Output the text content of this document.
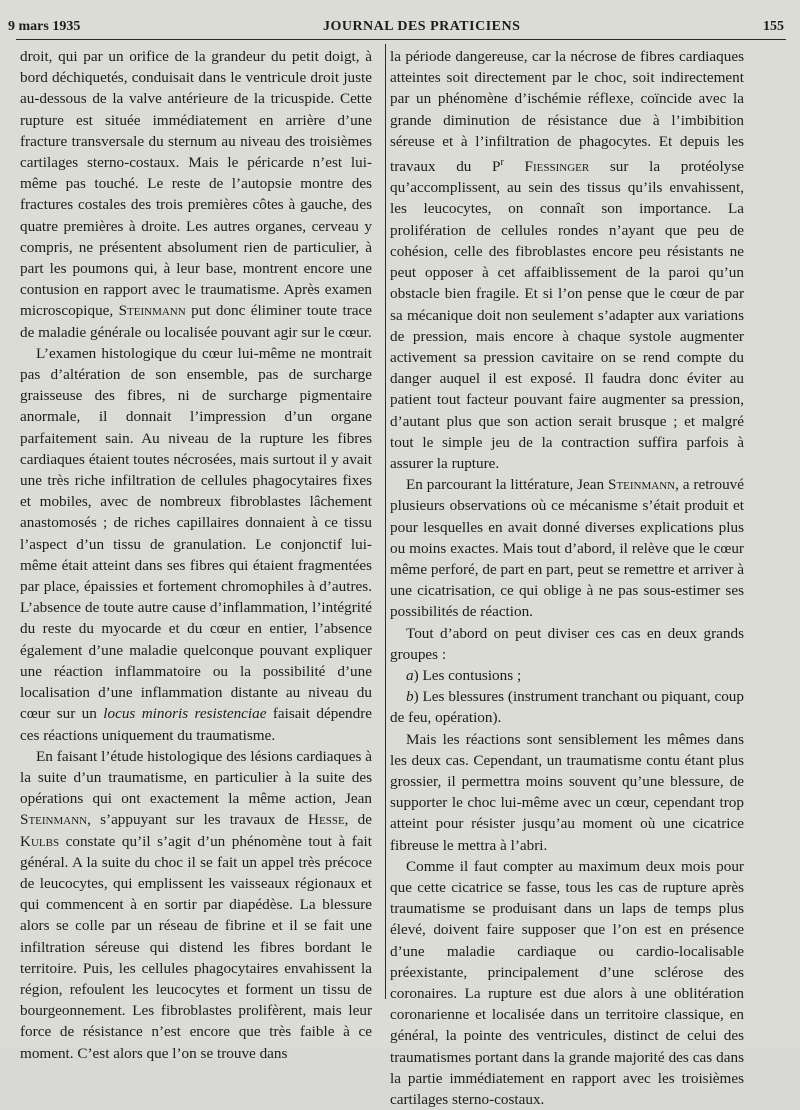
9 mars 1935	JOURNAL DES PRATICIENS	155

droit, qui par un orifice de la grandeur du petit doigt, à bord déchiquetés, conduisait dans le ventricule droit juste au-dessous de la valve antérieure de la tricuspide. Cette rupture est située immédiatement en arrière d’une fracture transversale du sternum au niveau des troisièmes cartilages sterno-costaux. Mais le péricarde n’est lui-même pas touché. Le reste de l’autopsie montre des fractures costales des trois premières côtes à gauche, des quatre premières à droite. Les autres organes, cerveau y compris, ne présentent absolument rien de particulier, à part les poumons qui, à leur base, montrent encore une contusion en rapport avec le traumatisme. Après examen microscopique, Steinmann put donc éliminer toute trace de maladie générale ou localisée pouvant agir sur le cœur.

L’examen histologique du cœur lui-même ne montrait pas d’altération de son ensemble, pas de surcharge graisseuse des fibres, ni de surcharge pigmentaire anormale, il donnait l’impression d’un organe parfaitement sain. Au niveau de la rupture les fibres cardiaques étaient toutes nécrosées, mais surtout il y avait une très riche infiltration de cellules phagocytaires fixes et mobiles, avec de nombreux fibroblastes lâchement anastomosés ; de riches capillaires donnaient à ce tissu l’aspect d’un tissu de granulation. Le conjonctif lui-même était atteint dans ses fibres qui étaient fragmentées par place, épaissies et fortement chromophiles à d’autres. L’absence de toute autre cause d’inflammation, l’intégrité du reste du myocarde et du cœur en entier, l’absence également d’une maladie quelconque pouvant expliquer une réaction inflammatoire ou la possibilité d’une localisation d’une inflammation distante au niveau du cœur sur un locus minoris resistenciae faisait dépendre ces réactions uniquement du traumatisme.

En faisant l’étude histologique des lésions cardiaques à la suite d’un traumatisme, en particulier à la suite des opérations qui ont exactement la même action, Jean Steinmann, s’appuyant sur les travaux de Hesse, de Kulbs constate qu’il s’agit d’un phénomène tout à fait général. A la suite du choc il se fait un appel très précoce de leucocytes, qui emplissent les vaisseaux régionaux et qui commencent à en sortir par diapédèse. La blessure alors se colle par un réseau de fibrine et il se fait une infiltration séreuse qui distend les fibres bordant le territoire. Puis, les cellules phagocytaires envahissent la région, refoulent les leucocytes et forment un tissu de bourgeonnement. Les fibroblastes prolifèrent, mais leur force de résistance n’est encore que très faible à ce moment. C’est alors que l’on se trouve dans

la période dangereuse, car la nécrose de fibres cardiaques atteintes soit directement par le choc, soit indirectement par un phénomène d’ischémie réflexe, coïncide avec la grande diminution de résistance due à l’imbibition séreuse et à l’infiltration de phagocytes. Et depuis les travaux du $P^r$ Fiessinger sur la protéolyse qu’accomplissent, au sein des tissus qu’ils envahissent, les leucocytes, on connaît son importance. La prolifération de cellules rondes n’ayant que peu de cohésion, celle des fibroblastes encore peu résistants ne peut opposer à cet affaiblissement de la paroi qu’un obstacle bien fragile. Et si l’on pense que le cœur de par sa mécanique doit non seulement s’adapter aux variations de pression, mais encore à chaque systole augmenter activement sa pression cavitaire on se rend compte du danger auquel il est exposé. Il faudra donc éviter au patient tout facteur pouvant faire augmenter sa pression, d’autant plus que son action serait brusque ; et malgré tout le simple jeu de la contraction suffira parfois à assurer la rupture.

En parcourant la littérature, Jean Steinmann, a retrouvé plusieurs observations où ce mécanisme s’était produit et pour lesquelles en avait donné diverses explications plus ou moins exactes. Mais tout d’abord, il relève que le cœur même perforé, de part en part, peut se remettre et arriver à une cicatrisation, ce qui oblige à ne pas sous-estimer ses possibilités de réaction.

Tout d’abord on peut diviser ces cas en deux grands groupes :

a) Les contusions ;

b) Les blessures (instrument tranchant ou piquant, coup de feu, opération).

Mais les réactions sont sensiblement les mêmes dans les deux cas. Cependant, un traumatisme contu étant plus grossier, il permettra moins souvent qu’une blessure, de supporter le choc lui-même avec un cœur, cependant trop atteint pour résister jusqu’au moment où une cicatrice fibreuse le mettra à l’abri.

Comme il faut compter au maximum deux mois pour que cette cicatrice se fasse, tous les cas de rupture après traumatisme se produisant dans un laps de temps plus élevé, doivent faire supposer que l’on est en présence d’une maladie cardiaque ou cardio-localisable préexistante, principalement d’une sclérose des coronaires. La rupture est due alors à une oblitération coronarienne et localisée dans un territoire classique, en général, la pointe des ventricules, distinct de celui des traumatismes portant dans la grande majorité des cas dans la partie immédiatement en rapport avec les troisièmes cartilages sterno-costaux.
